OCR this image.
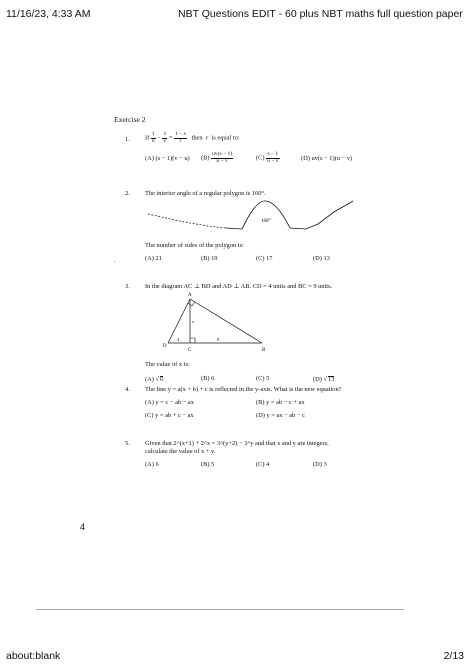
11/16/23, 4:33 AM	NBT Questions EDIT - 60 plus NBT maths full question paper
Exercise 2
1. If $\frac{1}{u} - \frac{1}{v} = \frac{1 - s}{r}$ then r is equal to:
(A) (s − 1)(v − u) $(B) \frac{uv(s - 1)}{u - v}$	$(C) \frac{s - 1}{u - v}$	(D) uv(s − 1)(u − v)
2. The interior angle of a regular polygon is 160°.
160°
The number of sides of the polygon is:
˛	(A) 21	(B) 19	(C) 17	(D) 13
3. In the diagram AC ⊥ BD and AD ⊥ AB. CD = 4 units and BC = 9 units.
A
B
C
D
x
4	9
The value of x is:
(A) √6	(B) 6	(C) 5	(D) √13
4. The line y = a(x + b) + c is reflected in the y-axis. What is the new equation?
(A) y = c − ab − ax	(B) y = ab − c + ax
(C) y = ab + c − ax	(D) y = ax − ab − c
5. Given that 2^(x+1) + 2^x = 3^(y+2) − 3^y and that x and y are integers,
calculate the value of x + y.
(A) 6	(B) 5	(C) 4	(D) 3
4
about:blank	2/13
